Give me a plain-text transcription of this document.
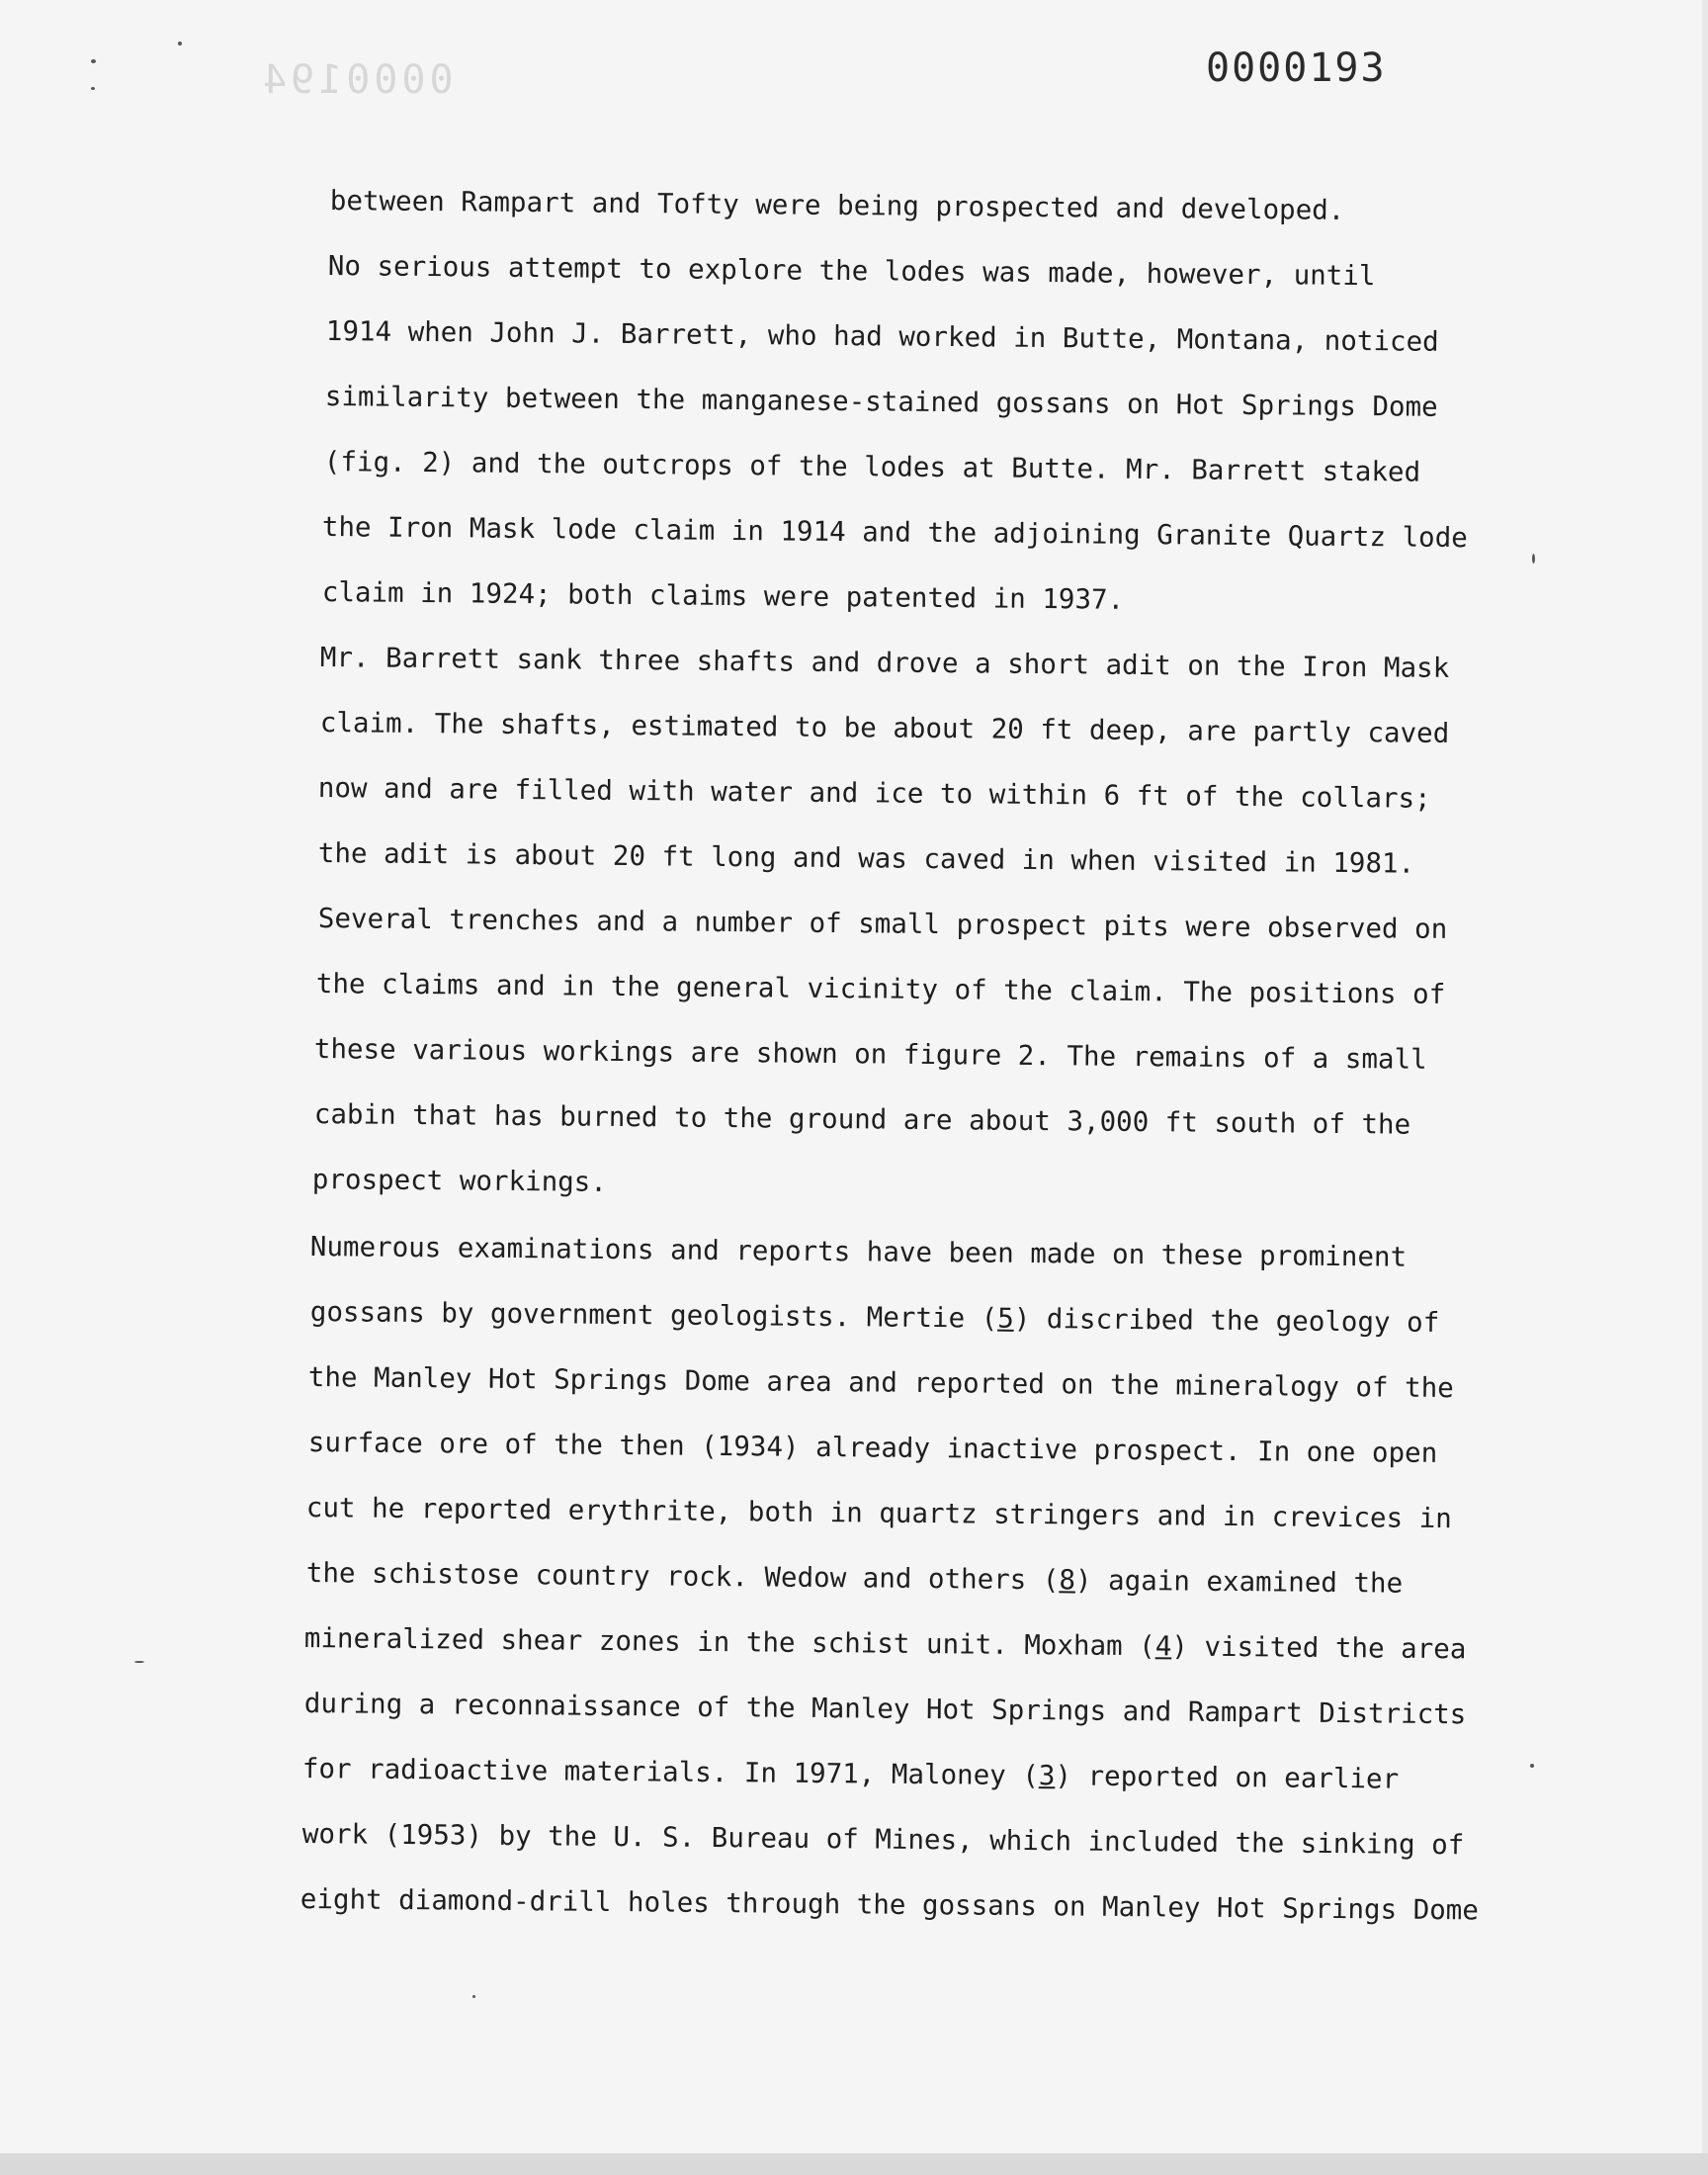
0000194	0000193
between Rampart and Tofty were being prospected and developed.
No serious attempt to explore the lodes was made, however, until
1914 when John J. Barrett, who had worked in Butte, Montana, noticed
similarity between the manganese-stained gossans on Hot Springs Dome
(fig. 2) and the outcrops of the lodes at Butte. Mr. Barrett staked
the Iron Mask lode claim in 1914 and the adjoining Granite Quartz lode
claim in 1924; both claims were patented in 1937.
Mr. Barrett sank three shafts and drove a short adit on the Iron Mask
claim. The shafts, estimated to be about 20 ft deep, are partly caved
now and are filled with water and ice to within 6 ft of the collars;
the adit is about 20 ft long and was caved in when visited in 1981.
Several trenches and a number of small prospect pits were observed on
the claims and in the general vicinity of the claim. The positions of
these various workings are shown on figure 2. The remains of a small
cabin that has burned to the ground are about 3,000 ft south of the
prospect workings.
Numerous examinations and reports have been made on these prominent
gossans by government geologists. Mertie (5) discribed the geology of
the Manley Hot Springs Dome area and reported on the mineralogy of the
surface ore of the then (1934) already inactive prospect. In one open
cut he reported erythrite, both in quartz stringers and in crevices in
the schistose country rock. Wedow and others (8) again examined the
mineralized shear zones in the schist unit. Moxham (4) visited the area
during a reconnaissance of the Manley Hot Springs and Rampart Districts
for radioactive materials. In 1971, Maloney (3) reported on earlier
work (1953) by the U. S. Bureau of Mines, which included the sinking of
eight diamond-drill holes through the gossans on Manley Hot Springs Dome
